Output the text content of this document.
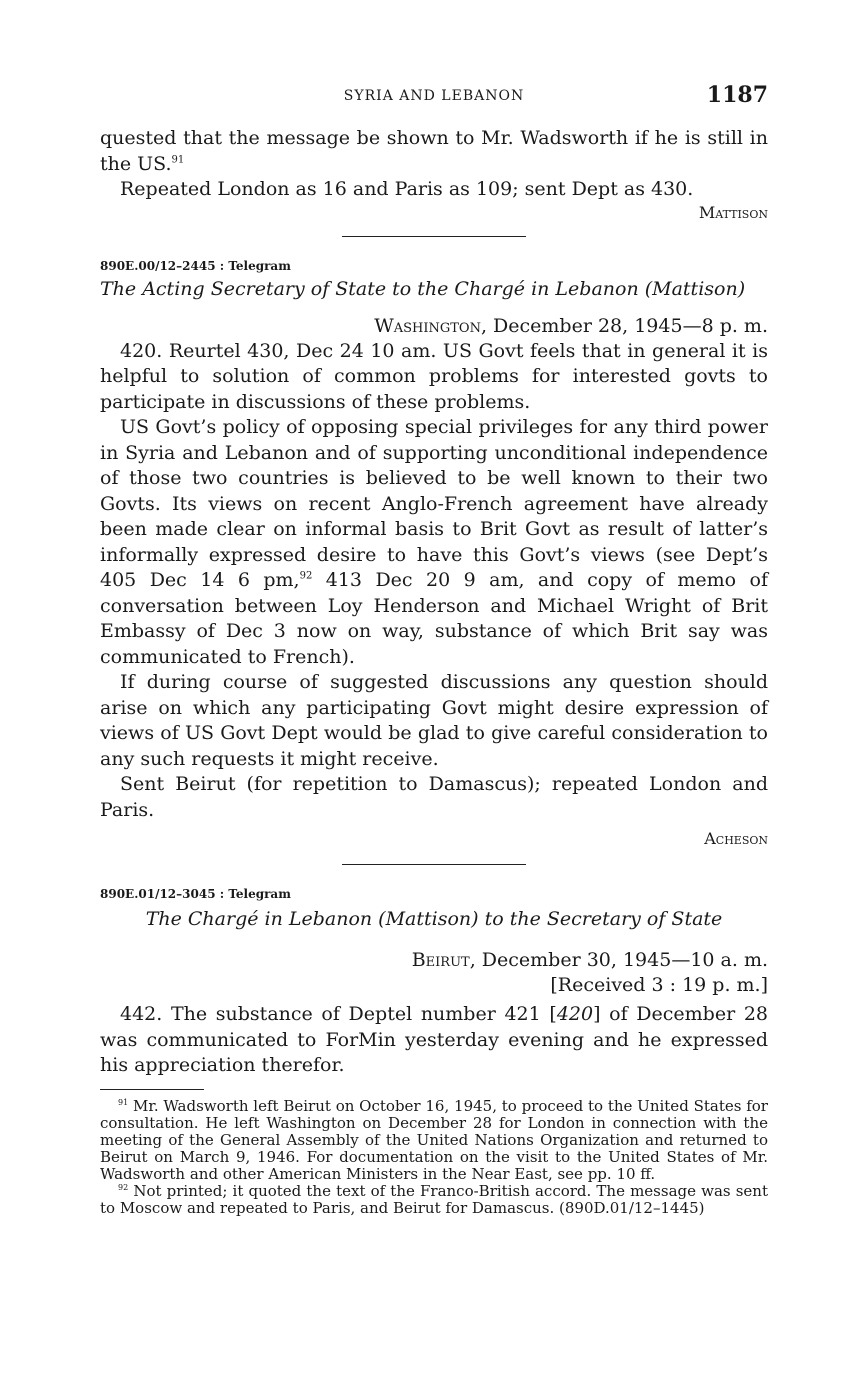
SYRIA AND LEBANON	1187

quested that the message be shown to Mr. Wadsworth if he is still in the US.$^{91}$

Repeated London as 16 and Paris as 109; sent Dept as 430.

Mattison

890E.00/12–2445 : Telegram

The Acting Secretary of State to the Chargé in Lebanon (Mattison)

Washington, December 28, 1945—8 p. m.

420. Reurtel 430, Dec 24 10 am. US Govt feels that in general it is helpful to solution of common problems for interested govts to participate in discussions of these problems.

US Govt’s policy of opposing special privileges for any third power in Syria and Lebanon and of supporting unconditional independence of those two countries is believed to be well known to their two Govts. Its views on recent Anglo-French agreement have already been made clear on informal basis to Brit Govt as result of latter’s informally expressed desire to have this Govt’s views (see Dept’s 405 Dec 14 6 pm,$^{92}$ 413 Dec 20 9 am, and copy of memo of conversation between Loy Henderson and Michael Wright of Brit Embassy of Dec 3 now on way, substance of which Brit say was communicated to French).

If during course of suggested discussions any question should arise on which any participating Govt might desire expression of views of US Govt Dept would be glad to give careful consideration to any such requests it might receive.

Sent Beirut (for repetition to Damascus); repeated London and Paris.

Acheson

890E.01/12–3045 : Telegram

The Chargé in Lebanon (Mattison) to the Secretary of State

Beirut, December 30, 1945—10 a. m.

[Received 3 : 19 p. m.]

442. The substance of Deptel number 421 [420] of December 28 was communicated to ForMin yesterday evening and he expressed his appreciation therefor.

$^{91}$ Mr. Wadsworth left Beirut on October 16, 1945, to proceed to the United States for consultation. He left Washington on December 28 for London in connection with the meeting of the General Assembly of the United Nations Organization and returned to Beirut on March 9, 1946. For documentation on the visit to the United States of Mr. Wadsworth and other American Ministers in the Near East, see pp. 10 ff.

$^{92}$ Not printed; it quoted the text of the Franco-British accord. The message was sent to Moscow and repeated to Paris, and Beirut for Damascus. (890D.01/12–1445)
